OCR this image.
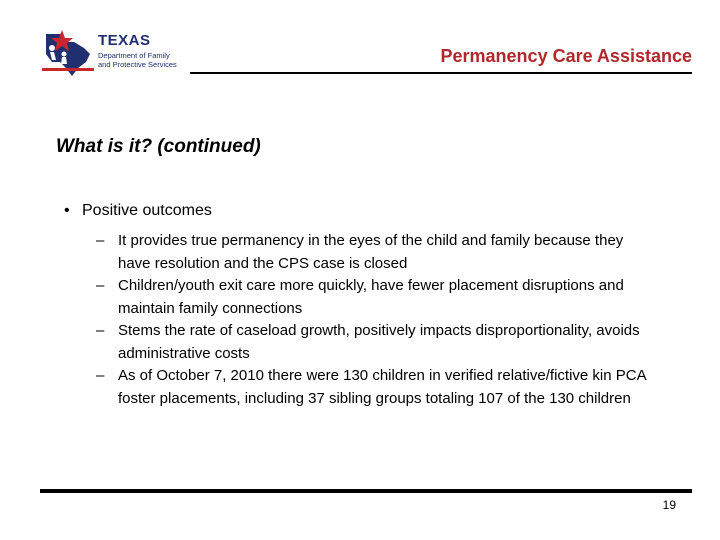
TEXAS
Department of Family
and Protective Services	Permanency Care Assistance
What is it? (continued)
• Positive outcomes
– It provides true permanency in the eyes of the child and family because they have resolution and the CPS case is closed
– Children/youth exit care more quickly, have fewer placement disruptions and maintain family connections
– Stems the rate of caseload growth, positively impacts disproportionality, avoids administrative costs
– As of October 7, 2010 there were 130 children in verified relative/fictive kin PCA foster placements, including 37 sibling groups totaling 107 of the 130 children
19
